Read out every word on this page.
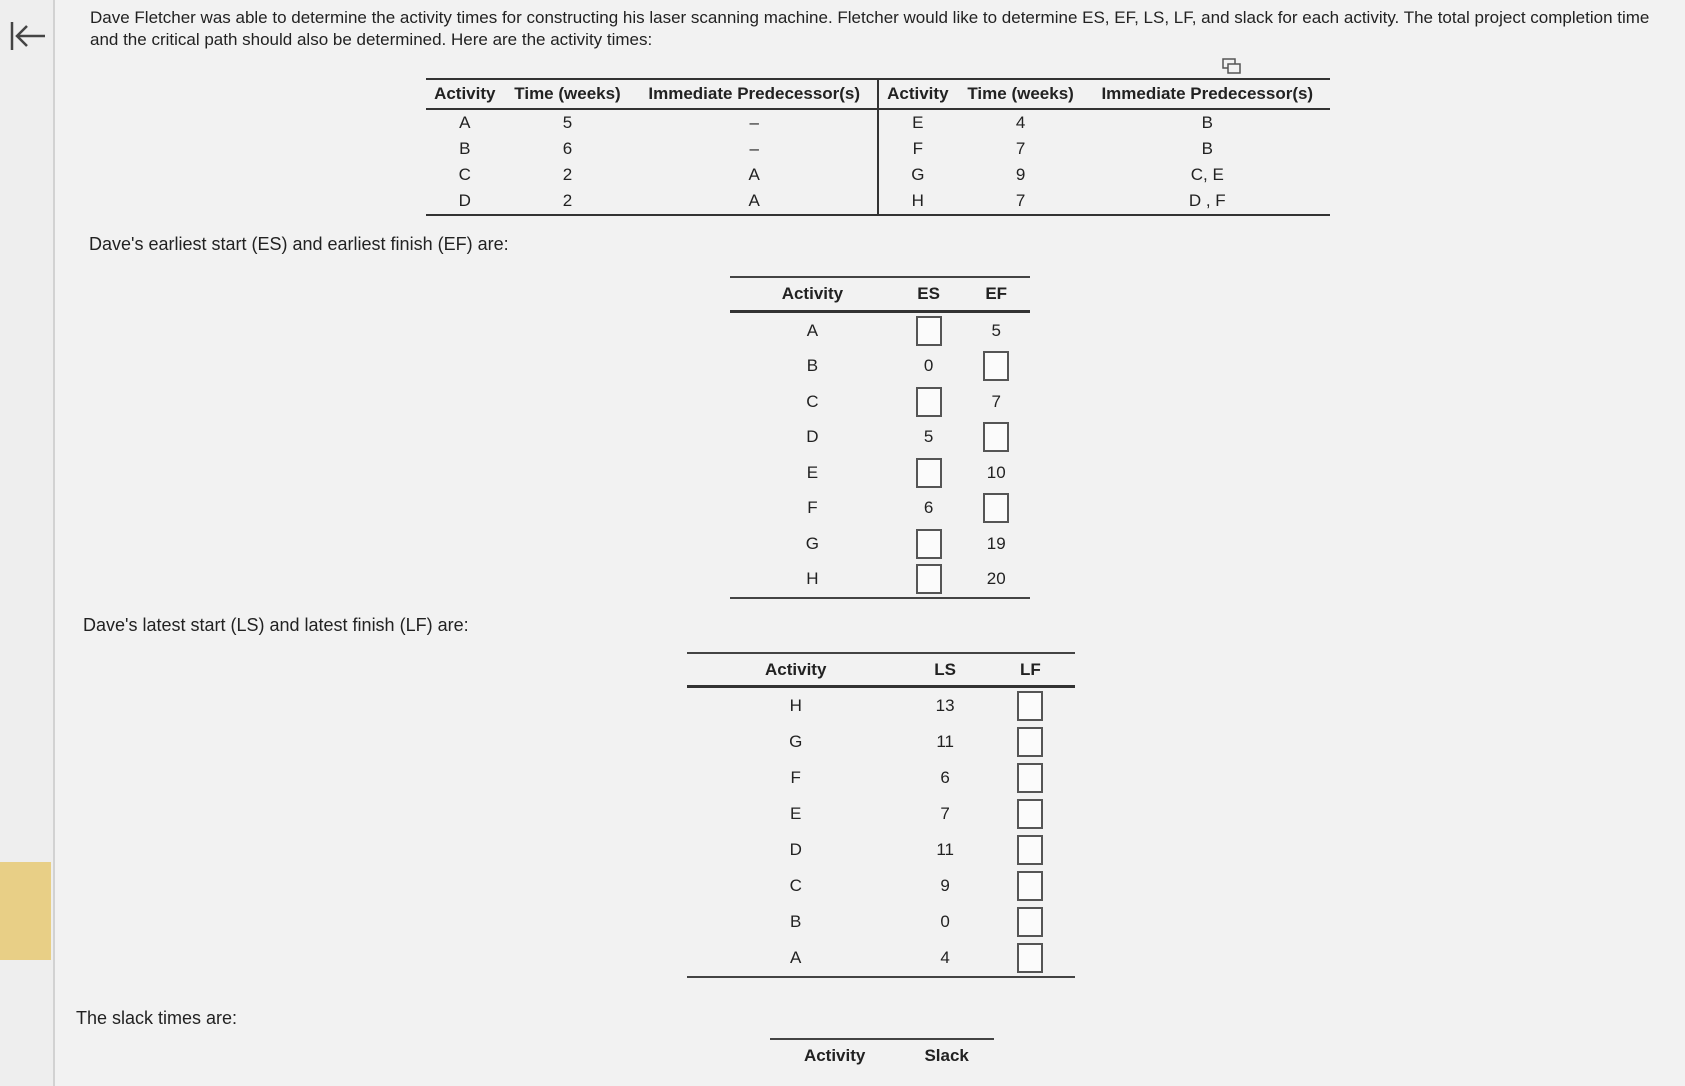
Dave Fletcher was able to determine the activity times for constructing his laser scanning machine. Fletcher would like to determine ES, EF, LS, LF, and slack for each activity. The total project completion time and the critical path should also be determined. Here are the activity times:
Activity	Time (weeks)	Immediate Predecessor(s)	Activity	Time (weeks)	Immediate Predecessor(s)
A	5	–	E	4	B
B	6	–	F	7	B
C	2	A	G	9	C, E
D	2	A	H	7	D , F
Dave's earliest start (ES) and earliest finish (EF) are:
Activity	ES	EF
A		5
B	0	
C		7
D	5	
E		10
F	6	
G		19
H		20
Dave's latest start (LS) and latest finish (LF) are:
Activity	LS	LF
H	13	
G	11	
F	6	
E	7	
D	11	
C	9	
B	0	
A	4	
The slack times are:
Activity	Slack
